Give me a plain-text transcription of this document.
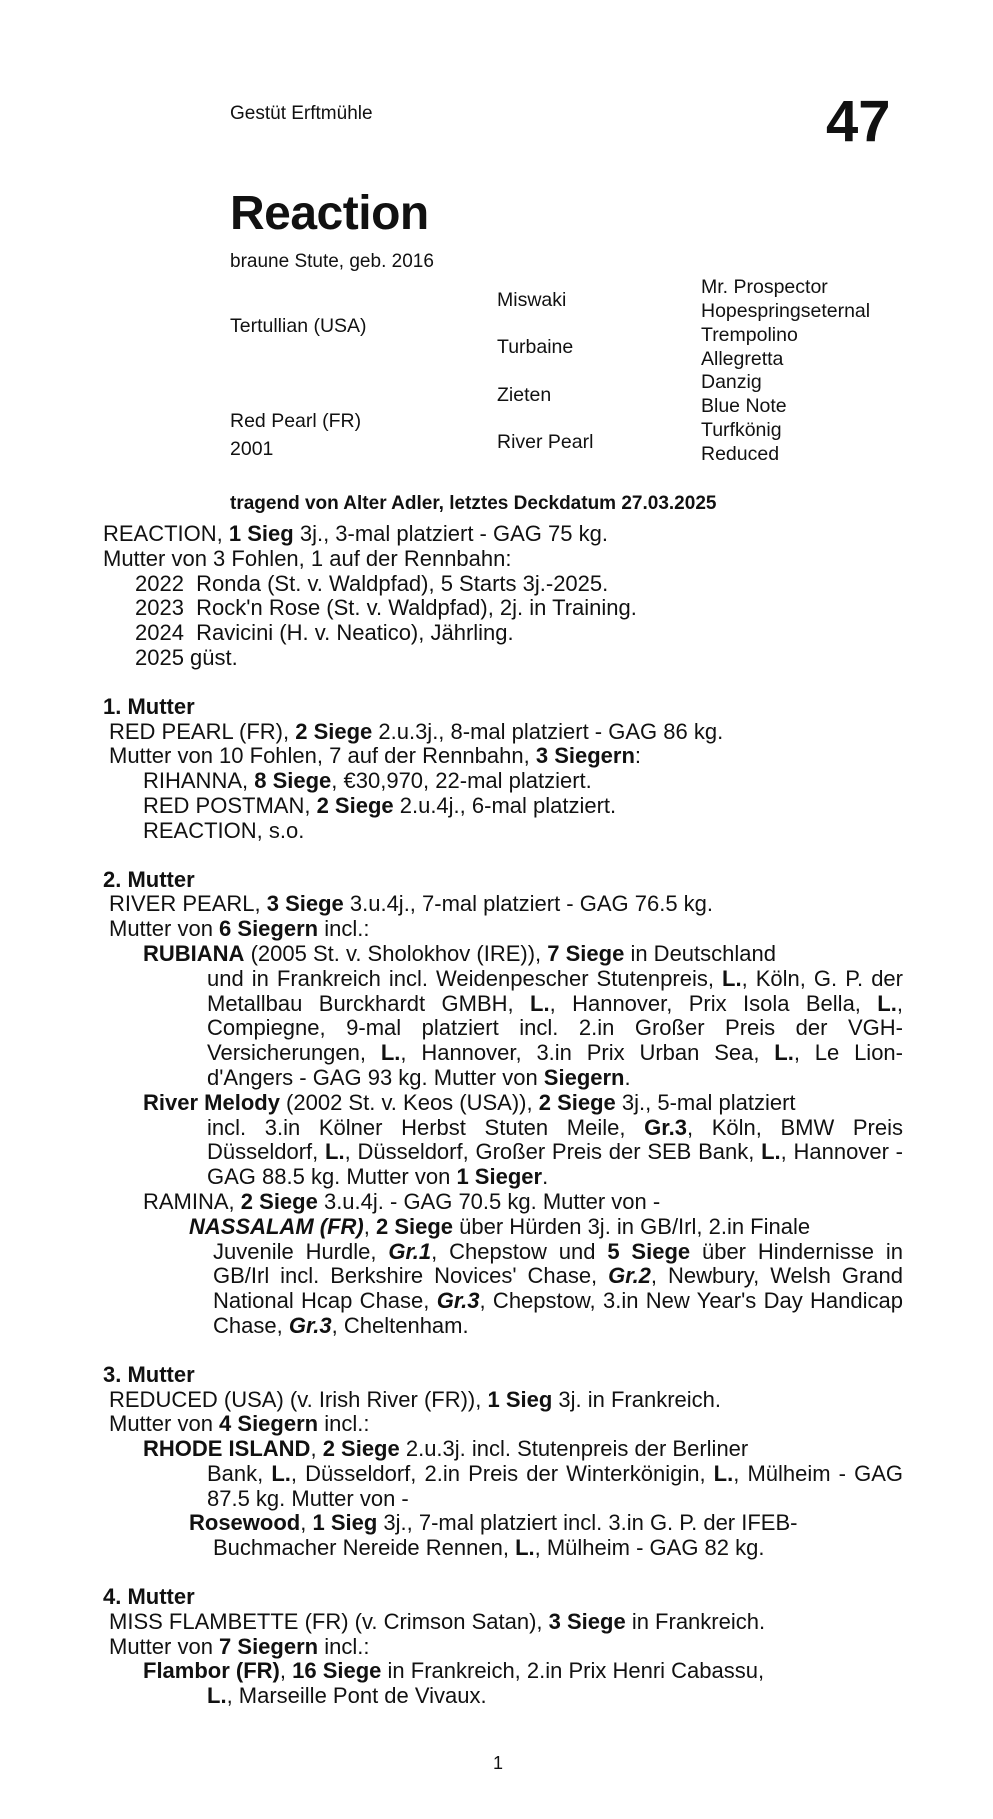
Gestüt Erftmühle	47
Reaction
braune Stute, geb. 2016
Tertullian (USA)
Red Pearl (FR)
2001
Miswaki
Turbaine
Zieten
River Pearl
Mr. Prospector
Hopespringseternal
Trempolino
Allegretta
Danzig
Blue Note
Turfkönig
Reduced
tragend von Alter Adler, letztes Deckdatum 27.03.2025

REACTION, 1 Sieg 3j., 3-mal platziert - GAG 75 kg.

Mutter von 3 Fohlen, 1 auf der Rennbahn:

2022  Ronda (St. v. Waldpfad), 5 Starts 3j.-2025.

2023  Rock'n Rose (St. v. Waldpfad), 2j. in Training.

2024  Ravicini (H. v. Neatico), Jährling.

2025 güst.

1. Mutter

RED PEARL (FR), 2 Siege 2.u.3j., 8-mal platziert - GAG 86 kg.

Mutter von 10 Fohlen, 7 auf der Rennbahn, 3 Siegern:

RIHANNA, 8 Siege, €30,970, 22-mal platziert.

RED POSTMAN, 2 Siege 2.u.4j., 6-mal platziert.

REACTION, s.o.

2. Mutter

RIVER PEARL, 3 Siege 3.u.4j., 7-mal platziert - GAG 76.5 kg.

Mutter von 6 Siegern incl.:

RUBIANA (2005 St. v. Sholokhov (IRE)), 7 Siege in Deutschland
und in Frankreich incl. Weidenpescher Stutenpreis, L., Köln, G. P. der Metallbau Burckhardt GMBH, L., Hannover, Prix Isola Bella, L., Compiegne, 9-mal platziert incl. 2.in Großer Preis der VGH-Versicherungen, L., Hannover, 3.in Prix Urban Sea, L., Le Lion-d'Angers - GAG 93 kg. Mutter von Siegern.

River Melody (2002 St. v. Keos (USA)), 2 Siege 3j., 5-mal platziert
incl. 3.in Kölner Herbst Stuten Meile, Gr.3, Köln, BMW Preis Düsseldorf, L., Düsseldorf, Großer Preis der SEB Bank, L., Hannover - GAG 88.5 kg. Mutter von 1 Sieger.

RAMINA, 2 Siege 3.u.4j. - GAG 70.5 kg. Mutter von -

NASSALAM (FR), 2 Siege über Hürden 3j. in GB/Irl, 2.in Finale
Juvenile Hurdle, Gr.1, Chepstow und 5 Siege über Hindernisse in GB/Irl incl. Berkshire Novices' Chase, Gr.2, Newbury, Welsh Grand National Hcap Chase, Gr.3, Chepstow, 3.in New Year's Day Handicap Chase, Gr.3, Cheltenham.

3. Mutter

REDUCED (USA) (v. Irish River (FR)), 1 Sieg 3j. in Frankreich.

Mutter von 4 Siegern incl.:

RHODE ISLAND, 2 Siege 2.u.3j. incl. Stutenpreis der Berliner
Bank, L., Düsseldorf, 2.in Preis der Winterkönigin, L., Mülheim - GAG 87.5 kg. Mutter von -

Rosewood, 1 Sieg 3j., 7-mal platziert incl. 3.in G. P. der IFEB-
Buchmacher Nereide Rennen, L., Mülheim - GAG 82 kg.

4. Mutter

MISS FLAMBETTE (FR) (v. Crimson Satan), 3 Siege in Frankreich.

Mutter von 7 Siegern incl.:

Flambor (FR), 16 Siege in Frankreich, 2.in Prix Henri Cabassu,
L., Marseille Pont de Vivaux.

1
